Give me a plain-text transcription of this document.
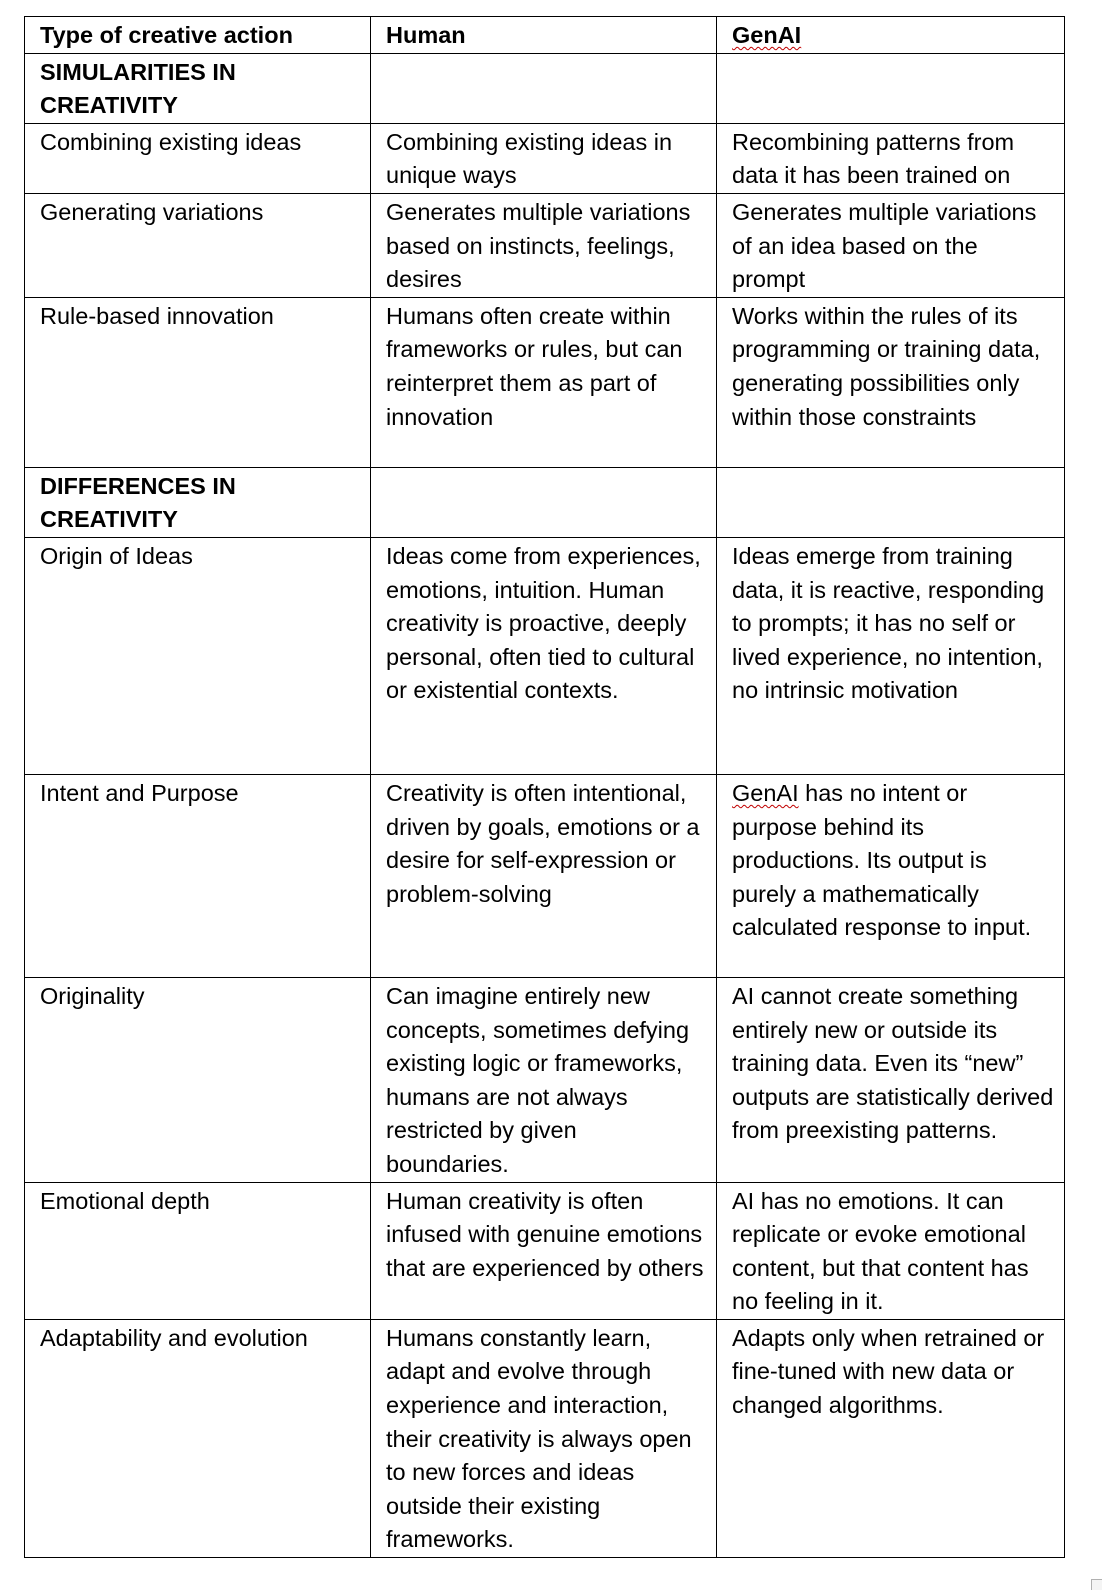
Type of creative action	Human	GenAI
SIMULARITIES IN CREATIVITY		
Combining existing ideas	Combining existing ideas in unique ways	Recombining patterns from data it has been trained on
Generating variations	Generates multiple variations based on instincts, feelings, desires	Generates multiple variations of an idea based on the prompt
Rule-based innovation	Humans often create within frameworks or rules, but can reinterpret them as part of innovation	Works within the rules of its programming or training data, generating possibilities only within those constraints
DIFFERENCES IN CREATIVITY		
Origin of Ideas	Ideas come from experiences, emotions, intuition. Human creativity is proactive, deeply personal, often tied to cultural or existential contexts.	Ideas emerge from training data, it is reactive, responding to prompts; it has no self or lived experience, no intention, no intrinsic motivation
Intent and Purpose	Creativity is often intentional, driven by goals, emotions or a desire for self-expression or problem-solving	GenAI has no intent or purpose behind its productions. Its output is purely a mathematically calculated response to input.
Originality	Can imagine entirely new concepts, sometimes defying existing logic or frameworks, humans are not always restricted by given boundaries.	AI cannot create something entirely new or outside its training data. Even its “new” outputs are statistically derived from preexisting patterns.
Emotional depth	Human creativity is often infused with genuine emotions that are experienced by others	AI has no emotions. It can replicate or evoke emotional content, but that content has no feeling in it.
Adaptability and evolution	Humans constantly learn, adapt and evolve through experience and interaction, their creativity is always open to new forces and ideas outside their existing frameworks.	Adapts only when retrained or fine-tuned with new data or changed algorithms.
